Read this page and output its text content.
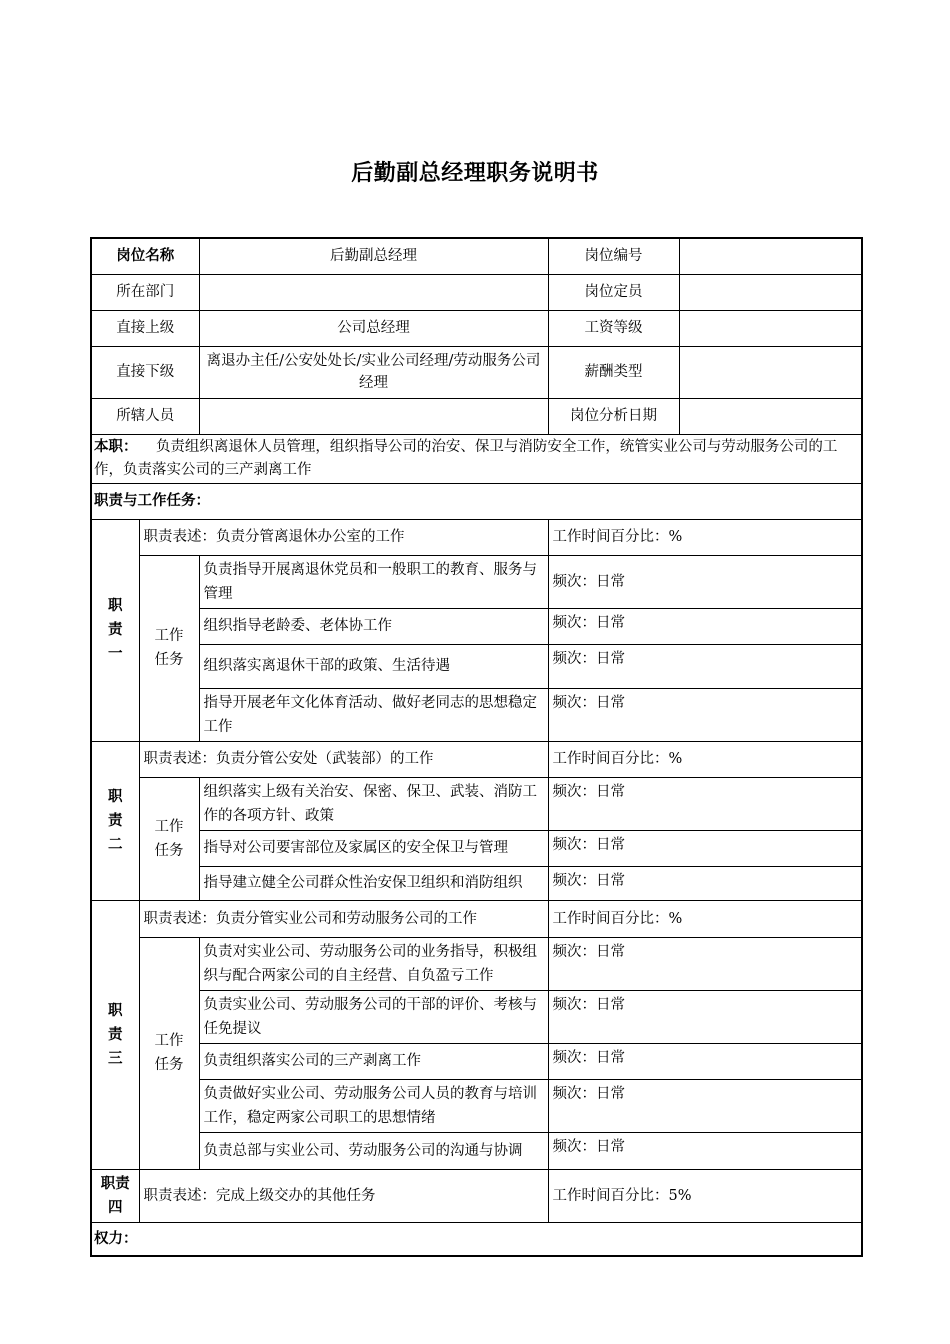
后勤副总经理职务说明书
岗位名称		后勤副总经理	岗位编号	
所在部门			岗位定员	
直接上级		公司总经理	工资等级	
直接下级		离退办主任/公安处处长/实业公司经理/劳动服务公司经理	薪酬类型	
所辖人员			岗位分析日期	
本职： 负责组织离退休人员管理，组织指导公司的治安、保卫与消防安全工作，统管实业公司与劳动服务公司的工作，负责落实公司的三产剥离工作				
职责与工作任务：				

职责一	职责表述：负责分管离退休办公室的工作		工作时间百分比：%	

	工作任务	负责指导开展离退休党员和一般职工的教育、服务与管理	频次：日常	
		组织指导老龄委、老体协工作	频次：日常	
		组织落实离退休干部的政策、生活待遇	频次：日常	
		指导开展老年文化体育活动、做好老同志的思想稳定工作	频次：日常	

职责二	职责表述：负责分管公安处（武装部）的工作		工作时间百分比：%	

	工作任务	组织落实上级有关治安、保密、保卫、武装、消防工作的各项方针、政策	频次：日常	
		指导对公司要害部位及家属区的安全保卫与管理	频次：日常	
		指导建立健全公司群众性治安保卫组织和消防组织	频次：日常	

职责三	职责表述：负责分管实业公司和劳动服务公司的工作		工作时间百分比：%	

	工作任务	负责对实业公司、劳动服务公司的业务指导，积极组织与配合两家公司的自主经营、自负盈亏工作	频次：日常	
		负责实业公司、劳动服务公司的干部的评价、考核与任免提议	频次：日常	
		负责组织落实公司的三产剥离工作	频次：日常	
		负责做好实业公司、劳动服务公司人员的教育与培训工作，稳定两家公司职工的思想情绪	频次：日常	
		负责总部与实业公司、劳动服务公司的沟通与协调	频次：日常	

职责四	职责表述：完成上级交办的其他任务		工作时间百分比：5%	
权力：				
